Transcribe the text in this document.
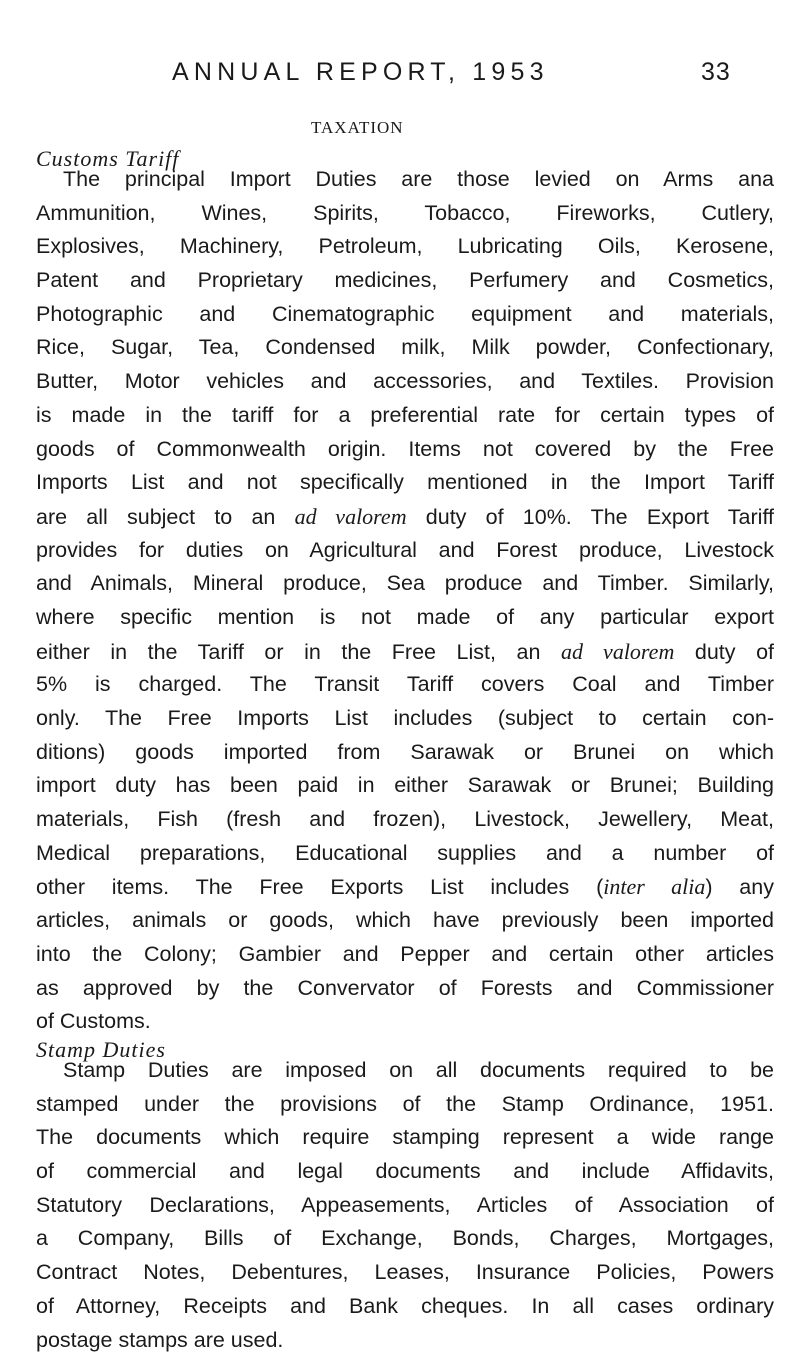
ANNUAL REPORT, 1953	33
TAXATION
Customs Tariff
The principal Import Duties are those levied on Arms ana
Ammunition, Wines, Spirits, Tobacco, Fireworks, Cutlery,
Explosives, Machinery, Petroleum, Lubricating Oils, Kerosene,
Patent and Proprietary medicines, Perfumery and Cosmetics,
Photographic and Cinematographic equipment and materials,
Rice, Sugar, Tea, Condensed milk, Milk powder, Confectionary,
Butter, Motor vehicles and accessories, and Textiles. Provision
is made in the tariff for a preferential rate for certain types of
goods of Commonwealth origin. Items not covered by the Free
Imports List and not specifically mentioned in the Import Tariff
are all subject to an ad valorem duty of 10%. The Export Tariff
provides for duties on Agricultural and Forest produce, Livestock
and Animals, Mineral produce, Sea produce and Timber. Similarly,
where specific mention is not made of any particular export
either in the Tariff or in the Free List, an ad valorem duty of
5% is charged. The Transit Tariff covers Coal and Timber
only. The Free Imports List includes (subject to certain con-
ditions) goods imported from Sarawak or Brunei on which
import duty has been paid in either Sarawak or Brunei; Building
materials, Fish (fresh and frozen), Livestock, Jewellery, Meat,
Medical preparations, Educational supplies and a number of
other items. The Free Exports List includes (inter alia) any
articles, animals or goods, which have previously been imported
into the Colony; Gambier and Pepper and certain other articles
as approved by the Convervator of Forests and Commissioner
of Customs.
Stamp Duties
Stamp Duties are imposed on all documents required to be
stamped under the provisions of the Stamp Ordinance, 1951.
The documents which require stamping represent a wide range
of commercial and legal documents and include Affidavits,
Statutory Declarations, Appeasements, Articles of Association of
a Company, Bills of Exchange, Bonds, Charges, Mortgages,
Contract Notes, Debentures, Leases, Insurance Policies, Powers
of Attorney, Receipts and Bank cheques. In all cases ordinary
postage stamps are used.
